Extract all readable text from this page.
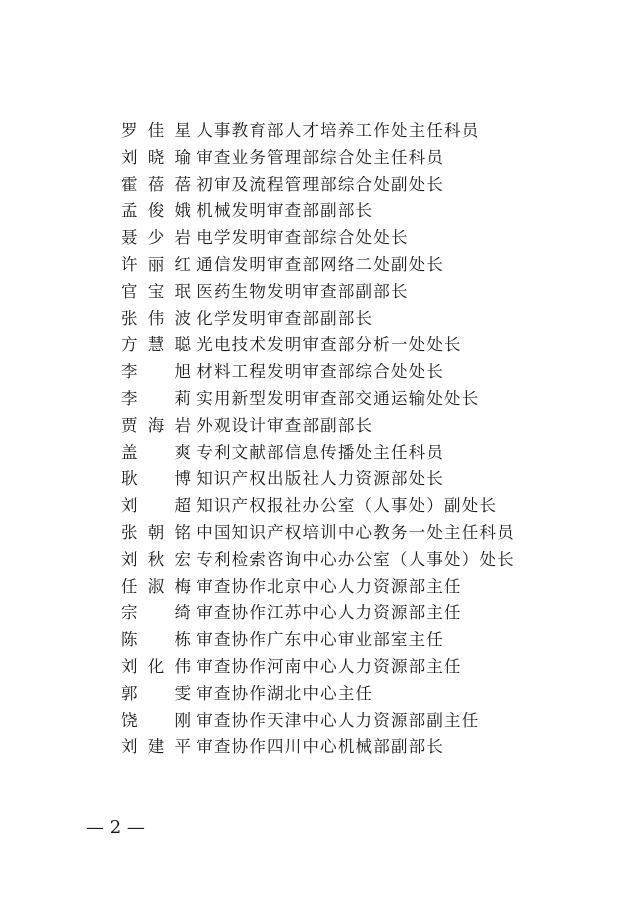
罗佳星 人事教育部人才培养工作处主任科员
刘晓瑜 审查业务管理部综合处主任科员
霍蓓蓓 初审及流程管理部综合处副处长
孟俊娥 机械发明审查部副部长
聂少岩 电学发明审查部综合处处长
许丽红 通信发明审查部网络二处副处长
官宝珉 医药生物发明审查部副部长
张伟波 化学发明审查部副部长
方慧聪 光电技术发明审查部分析一处处长
李 旭 材料工程发明审查部综合处处长
李 莉 实用新型发明审查部交通运输处处长
贾海岩 外观设计审查部副部长
盖 爽 专利文献部信息传播处主任科员
耿 博 知识产权出版社人力资源部处长
刘 超 知识产权报社办公室（人事处）副处长
张朝铭 中国知识产权培训中心教务一处主任科员
刘秋宏 专利检索咨询中心办公室（人事处）处长
任淑梅 审查协作北京中心人力资源部主任
宗 绮 审查协作江苏中心人力资源部主任
陈 栋 审查协作广东中心审业部室主任
刘化伟 审查协作河南中心人力资源部主任
郭 雯 审查协作湖北中心主任
饶 刚 审查协作天津中心人力资源部副主任
刘建平 审查协作四川中心机械部副部长
— 2 —
